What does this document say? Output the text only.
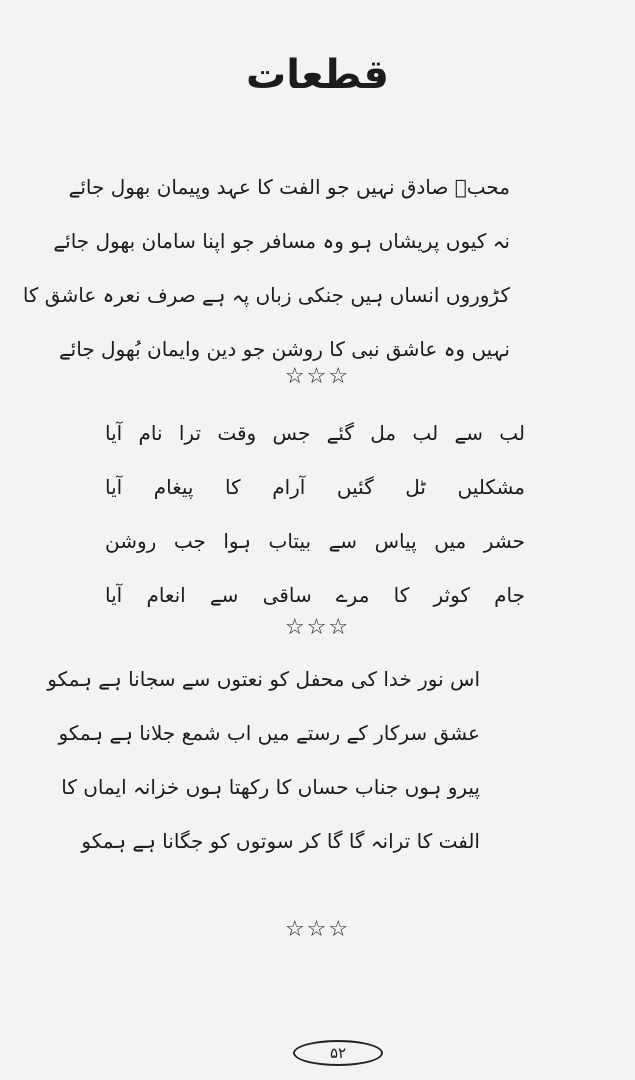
قطعات
محبؔ صادق نہیں جو الفت کا عہد وپیمان بھول جائے
نہ کیوں پریشاں ہو وہ مسافر جو اپنا سامان بھول جائے
کڑوروں انساں ہیں جنکی زباں پہ ہے صرف نعرہ عاشق کا
نہیں وہ عاشق نبی کا روشن جو دین وایمان بُھول جائے
☆☆☆
لب سے لب مل گئے جس وقت ترا نام آیا
مشکلیں ٹل گئیں آرام کا پیغام آیا
حشر میں پیاس سے بیتاب ہوا جب روشن
جام کوثر کا مرے ساقی سے انعام آیا
☆☆☆
اس نور خدا کی محفل کو نعتوں سے سجانا ہے ہمکو
عشق سرکار کے رستے میں اب شمع جلانا ہے ہمکو
پیرو ہوں جناب حساں کا رکھتا ہوں خزانہ ایماں کا
الفت کا ترانہ گا گا کر سوتوں کو جگانا ہے ہمکو
☆☆☆
۵۲
